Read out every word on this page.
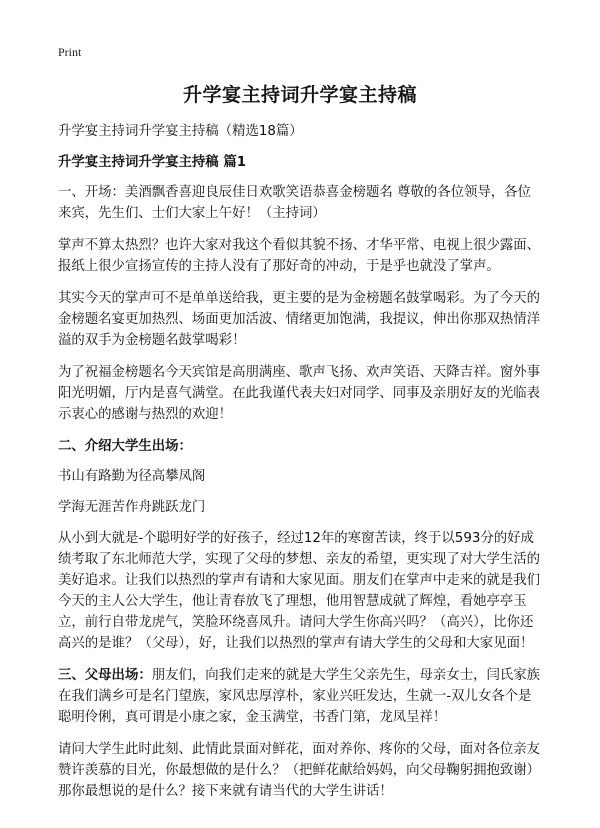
Print
升学宴主持词升学宴主持稿

升学宴主持词升学宴主持稿（精选18篇）

升学宴主持词升学宴主持稿 篇1

一、开场：美酒飘香喜迎良辰佳日欢歌笑语恭喜金榜题名 尊敬的各位领导，各位来宾，先生们、士们大家上午好！（主持词）

掌声不算太热烈？也许大家对我这个看似其貌不扬、才华平常、电视上很少露面、报纸上很少宣扬宣传的主持人没有了那好奇的冲动，于是乎也就没了掌声。

其实今天的掌声可不是单单送给我，更主要的是为金榜题名鼓掌喝彩。为了今天的金榜题名宴更加热烈、场面更加活波、情绪更加饱满，我提议，伸出你那双热情洋溢的双手为金榜题名鼓掌喝彩！

为了祝福金榜题名今天宾馆是高朋满座、歌声飞扬、欢声笑语、天降吉祥。窗外事阳光明媚，厅内是喜气满堂。在此我谨代表夫妇对同学、同事及亲朋好友的光临表示衷心的感谢与热烈的欢迎！

二、介绍大学生出场：

书山有路勤为径高攀凤阁

学海无涯苦作舟跳跃龙门

从小到大就是-个聪明好学的好孩子，经过12年的寒窗苦读，终于以593分的好成绩考取了东北师范大学，实现了父母的梦想、亲友的希望，更实现了对大学生活的美好追求。让我们以热烈的掌声有请和大家见面。朋友们在掌声中走来的就是我们今天的主人公大学生，他让青春放飞了理想，他用智慧成就了辉煌，看她亭亭玉立，前行自带龙虎气，笑脸环绕喜凤升。请问大学生你高兴吗？（高兴），比你还高兴的是谁？（父母），好，让我们以热烈的掌声有请大学生的父母和大家见面！

三、父母出场：朋友们，向我们走来的就是大学生父亲先生，母亲女士，闫氏家族在我们满乡可是名门望族，家风忠厚淳朴，家业兴旺发达，生就一-双儿女各个是聪明伶俐，真可谓是小康之家，金玉满堂，书香门第，龙凤呈祥！

请问大学生此时此刻、此情此景面对鲜花，面对养你、疼你的父母，面对各位亲友赞许羡慕的目光，你最想做的是什么？（把鲜花献给妈妈，向父母鞠躬拥抱致谢）那你最想说的是什么？接下来就有请当代的大学生讲话！
